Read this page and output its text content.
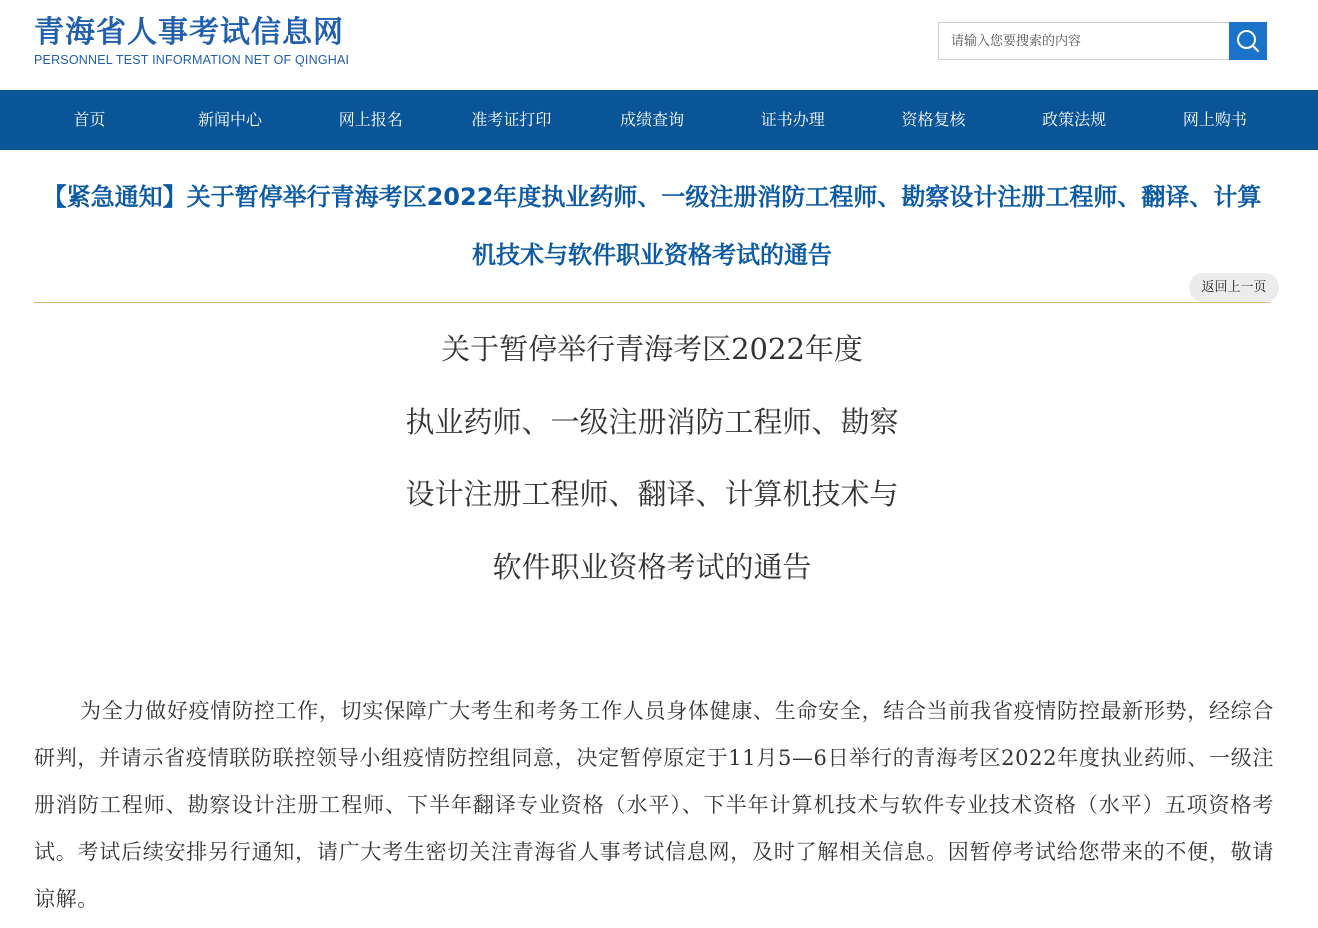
青海省人事考试信息网
PERSONNEL TEST INFORMATION NET OF QINGHAI
请输入您要搜索的内容
首页	新闻中心	网上报名	准考证打印	成绩查询	证书办理	资格复核	政策法规	网上购书
【紧急通知】关于暂停举行青海考区2022年度执业药师、一级注册消防工程师、勘察设计注册工程师、翻译、计算机技术与软件职业资格考试的通告
返回上一页
关于暂停举行青海考区2022年度
执业药师、一级注册消防工程师、勘察
设计注册工程师、翻译、计算机技术与
软件职业资格考试的通告

为全力做好疫情防控工作，切实保障广大考生和考务工作人员身体健康、生命安全，结合当前我省疫情防控最新形势，经综合研判，并请示省疫情联防联控领导小组疫情防控组同意，决定暂停原定于11月5—6日举行的青海考区2022年度执业药师、一级注册消防工程师、勘察设计注册工程师、下半年翻译专业资格（水平）、下半年计算机技术与软件专业技术资格（水平）五项资格考试。考试后续安排另行通知，请广大考生密切关注青海省人事考试信息网，及时了解相关信息。因暂停考试给您带来的不便，敬请谅解。
